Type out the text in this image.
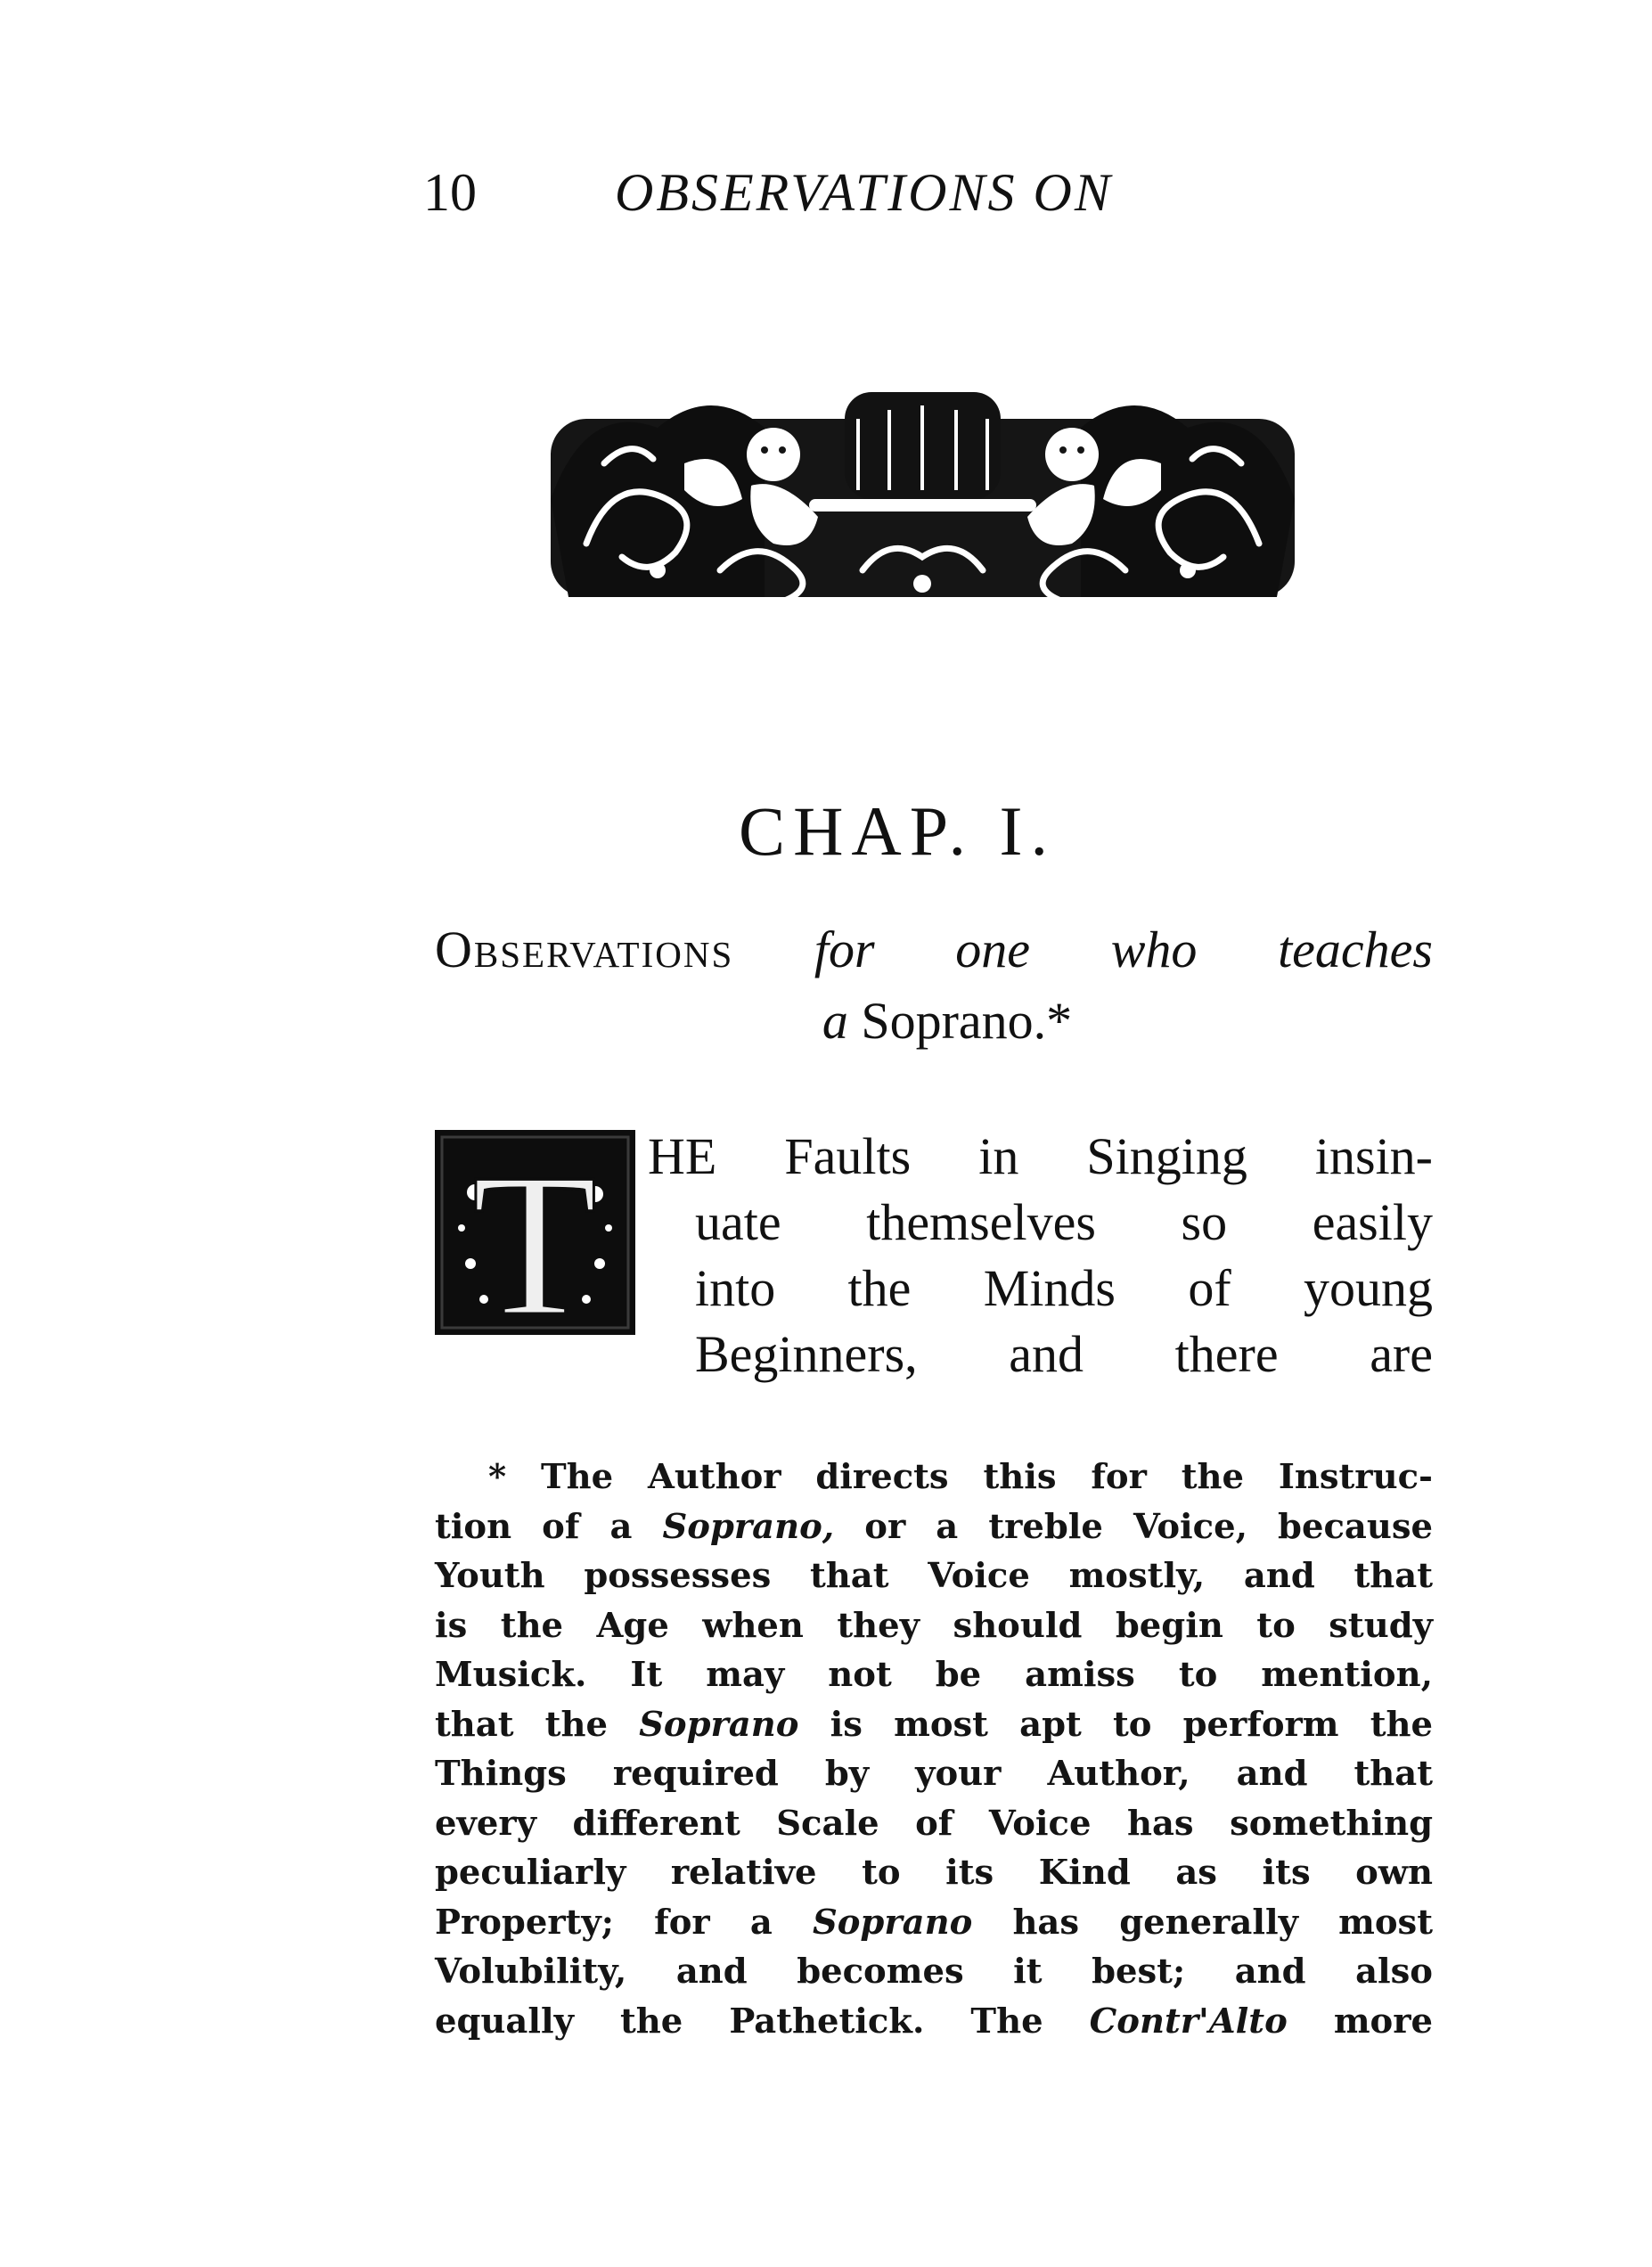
10	OBSERVATIONS ON
CHAP. I.
Observations for one who teaches
a Soprano.*
T HE Faults in Singing insin-
uate themselves so easily
into the Minds of young
Beginners, and there are
* The Author directs this for the Instruc-
tion of a Soprano, or a treble Voice, because
Youth possesses that Voice mostly, and that
is the Age when they should begin to study
Musick. It may not be amiss to mention,
that the Soprano is most apt to perform the
Things required by your Author, and that
every different Scale of Voice has something
peculiarly relative to its Kind as its own
Property; for a Soprano has generally most
Volubility, and becomes it best; and also
equally the Pathetick. The Contr'Alto more
